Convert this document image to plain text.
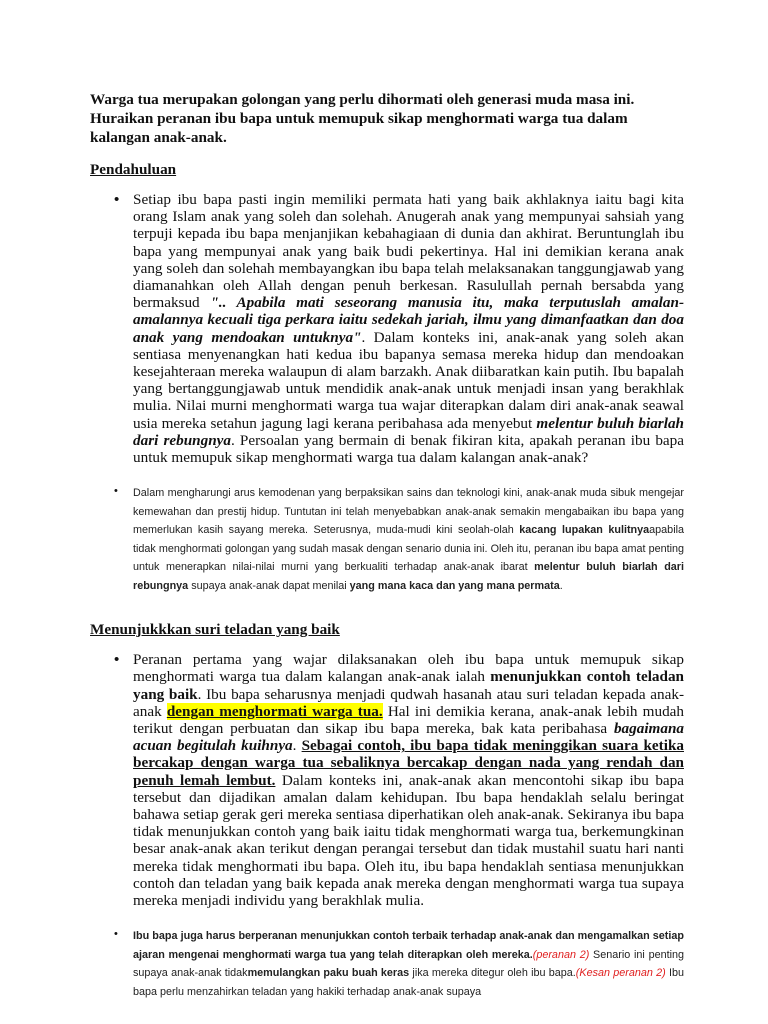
Warga tua merupakan golongan yang perlu dihormati oleh generasi muda masa ini. Huraikan peranan ibu bapa untuk memupuk sikap menghormati warga tua dalam kalangan anak-anak.

Pendahuluan

• Setiap ibu bapa pasti ingin memiliki permata hati yang baik akhlaknya iaitu bagi kita orang Islam anak yang soleh dan solehah. Anugerah anak yang mempunyai sahsiah yang terpuji kepada ibu bapa menjanjikan kebahagiaan di dunia dan akhirat. Beruntunglah ibu bapa yang mempunyai anak yang baik budi pekertinya. Hal ini demikian kerana anak yang soleh dan solehah membayangkan ibu bapa telah melaksanakan tanggungjawab yang diamanahkan oleh Allah dengan penuh berkesan. Rasulullah pernah bersabda yang bermaksud ".. Apabila mati seseorang manusia itu, maka terputuslah amalan-amalannya kecuali tiga perkara iaitu sedekah jariah, ilmu yang dimanfaatkan dan doa anak yang mendoakan untuknya". Dalam konteks ini, anak-anak yang soleh akan sentiasa menyenangkan hati kedua ibu bapanya semasa mereka hidup dan mendoakan kesejahteraan mereka walaupun di alam barzakh. Anak diibaratkan kain putih. Ibu bapalah yang bertanggungjawab untuk mendidik anak-anak untuk menjadi insan yang berakhlak mulia. Nilai murni menghormati warga tua wajar diterapkan dalam diri anak-anak seawal usia mereka setahun jagung lagi kerana peribahasa ada menyebut melentur buluh biarlah dari rebungnya. Persoalan yang bermain di benak fikiran kita, apakah peranan ibu bapa untuk memupuk sikap menghormati warga tua dalam kalangan anak-anak?

• Dalam mengharungi arus kemodenan yang berpaksikan sains dan teknologi kini, anak-anak muda sibuk mengejar kemewahan dan prestij hidup. Tuntutan ini telah menyebabkan anak-anak semakin mengabaikan ibu bapa yang memerlukan kasih sayang mereka. Seterusnya, muda-mudi kini seolah-olah kacang lupakan kulitnyaapabila tidak menghormati golongan yang sudah masak dengan senario dunia ini. Oleh itu, peranan ibu bapa amat penting untuk menerapkan nilai-nilai murni yang berkualiti terhadap anak-anak ibarat melentur buluh biarlah dari rebungnya supaya anak-anak dapat menilai yang mana kaca dan yang mana permata.

Menunjukkkan suri teladan yang baik

• Peranan pertama yang wajar dilaksanakan oleh ibu bapa untuk memupuk sikap menghormati warga tua dalam kalangan anak-anak ialah menunjukkan contoh teladan yang baik. Ibu bapa seharusnya menjadi qudwah hasanah atau suri teladan kepada anak-anak dengan menghormati warga tua. Hal ini demikia kerana, anak-anak lebih mudah terikut dengan perbuatan dan sikap ibu bapa mereka, bak kata peribahasa bagaimana acuan begitulah kuihnya. Sebagai contoh, ibu bapa tidak meninggikan suara ketika bercakap dengan warga tua sebaliknya bercakap dengan nada yang rendah dan penuh lemah lembut. Dalam konteks ini, anak-anak akan mencontohi sikap ibu bapa tersebut dan dijadikan amalan dalam kehidupan. Ibu bapa hendaklah selalu beringat bahawa setiap gerak geri mereka sentiasa diperhatikan oleh anak-anak. Sekiranya ibu bapa tidak menunjukkan contoh yang baik iaitu tidak menghormati warga tua, berkemungkinan besar anak-anak akan terikut dengan perangai tersebut dan tidak mustahil suatu hari nanti mereka tidak menghormati ibu bapa. Oleh itu, ibu bapa hendaklah sentiasa menunjukkan contoh dan teladan yang baik kepada anak mereka dengan menghormati warga tua supaya mereka menjadi individu yang berakhlak mulia.

• Ibu bapa juga harus berperanan menunjukkan contoh terbaik terhadap anak-anak dan mengamalkan setiap ajaran mengenai menghormati warga tua yang telah diterapkan oleh mereka.(peranan 2) Senario ini penting supaya anak-anak tidakmemulangkan paku buah keras jika mereka ditegur oleh ibu bapa.(Kesan peranan 2) Ibu bapa perlu menzahirkan teladan yang hakiki terhadap anak-anak supaya
